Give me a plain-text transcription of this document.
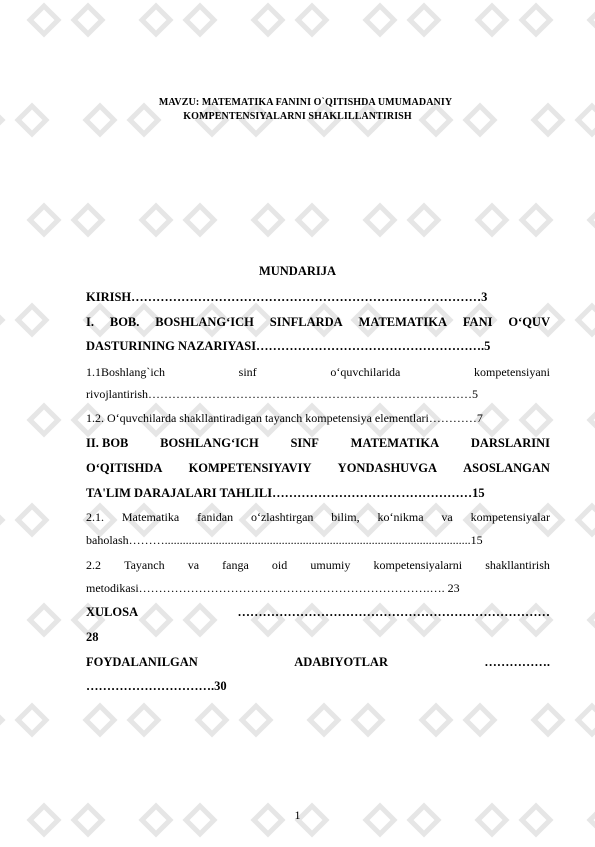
MAVZU: MATEMATIKA FANINI O`QITISHDA UMUMADANIY
KOMPENTENSIYALARNI SHAKLILLANTIRISH
MUNDARIJA
KIRISH…………………………………………………………………………3
I. BOB. BOSHLANG‘ICH SINFLARDA MATEMATIKA FANI O‘QUV
DASTURINING NAZARIYASI……………………………………………….5
1.1Boshlang`ich	sinf	o‘quvchilarida	kompetensiyani
rivojlantirish………………………………………………………………………5
1.2. O‘quvchilarda shakllantiradigan tayanch kompetensiya elementlari…………7
II. BOB	BOSHLANG‘ICH	SINF	MATEMATIKA	DARSLARINI
O‘QITISHDA KOMPETENSIYAVIY YONDASHUVGA ASOSLANGAN
TA'LIM DARAJALARI TAHLILI…………………………………………15
2.1. Matematika fanidan o‘zlashtirgan bilim, ko‘nikma va kompetensiyalar
baholash………......................................................................................................15
2.2 Tayanch va fanga oid umumiy kompetensiyalarni shakllantirish
metodikasi……………………………………………………………….…. 23
XULOSA	…………………………………………………………………
28
FOYDALANILGAN	ADABIYOTLAR	…………….
………………………….30
1
